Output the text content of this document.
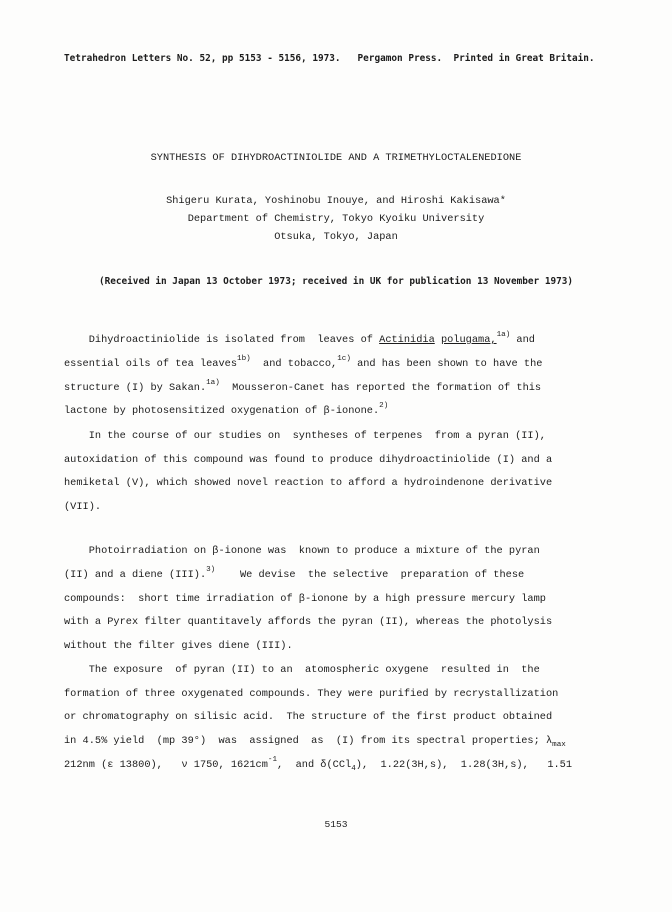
Tetrahedron Letters No. 52, pp 5153 - 5156, 1973. Pergamon Press.  Printed in Great Britain.
SYNTHESIS OF DIHYDROACTINIOLIDE AND A TRIMETHYLOCTALENEDIONE
Shigeru Kurata, Yoshinobu Inouye, and Hiroshi Kakisawa*
Department of Chemistry, Tokyo Kyoiku University
Otsuka, Tokyo, Japan
(Received in Japan 13 October 1973; received in UK for publication 13 November 1973)
Dihydroactiniolide is isolated from  leaves of Actinidia polugama,$^{1a)}$ and
essential oils of tea leaves$^{1b)}$  and tobacco,$^{1c)}$ and has been shown to have the
structure (I) by Sakan.$^{1a)}$  Mousseron-Canet has reported the formation of this
lactone by photosensitized oxygenation of β-ionone.$^{2)}$
In the course of our studies on  syntheses of terpenes  from a pyran (II),
autoxidation of this compound was found to produce dihydroactiniolide (I) and a
hemiketal (V), which showed novel reaction to afford a hydroindenone derivative
(VII).
Photoirradiation on β-ionone was  known to produce a mixture of the pyran
(II) and a diene (III).$^{3)}$    We devise  the selective  preparation of these
compounds:  short time irradiation of β-ionone by a high pressure mercury lamp
with a Pyrex filter quantitavely affords the pyran (II), whereas the photolysis
without the filter gives diene (III).
The exposure  of pyran (II) to an  atomospheric oxygene  resulted in  the
formation of three oxygenated compounds. They were purified by recrystallization
or chromatography on silisic acid.  The structure of the first product obtained
in 4.5% yield  (mp 39°)  was  assigned  as  (I) from its spectral properties; $\lambda_{max}$
212nm (ε 13800),   ν 1750, $1621cm^{-1}$,  and δ(CCl$_4$),  1.22(3H,s),  1.28(3H,s),   1.51
5153
